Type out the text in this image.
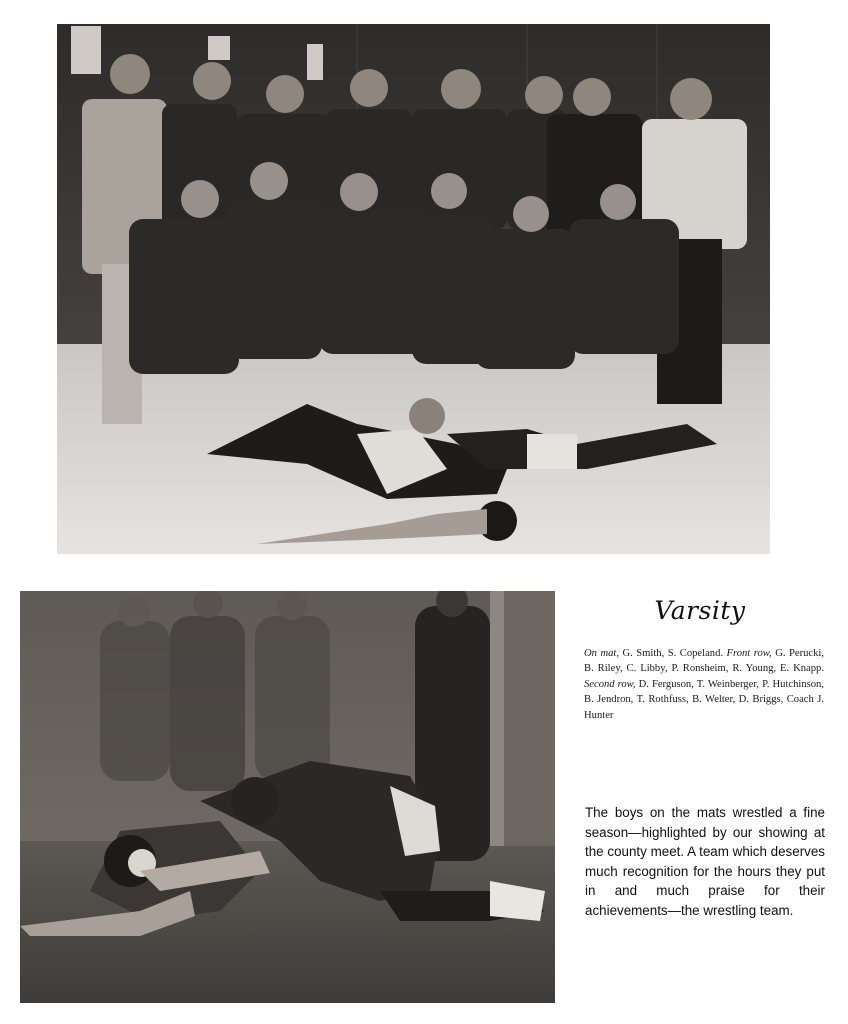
Varsity
On mat, G. Smith, S. Copeland. Front row, G. Perucki, B. Riley, C. Libby, P. Ronsheim, R. Young, E. Knapp. Second row, D. Ferguson, T. Weinberger, P. Hutchinson, B. Jendron, T. Rothfuss, B. Welter, D. Briggs, Coach J. Hunter
The boys on the mats wrestled a fine season—highlighted by our showing at the county meet. A team which deserves much recognition for the hours they put in and much praise for their achievements—the wrestling team.
